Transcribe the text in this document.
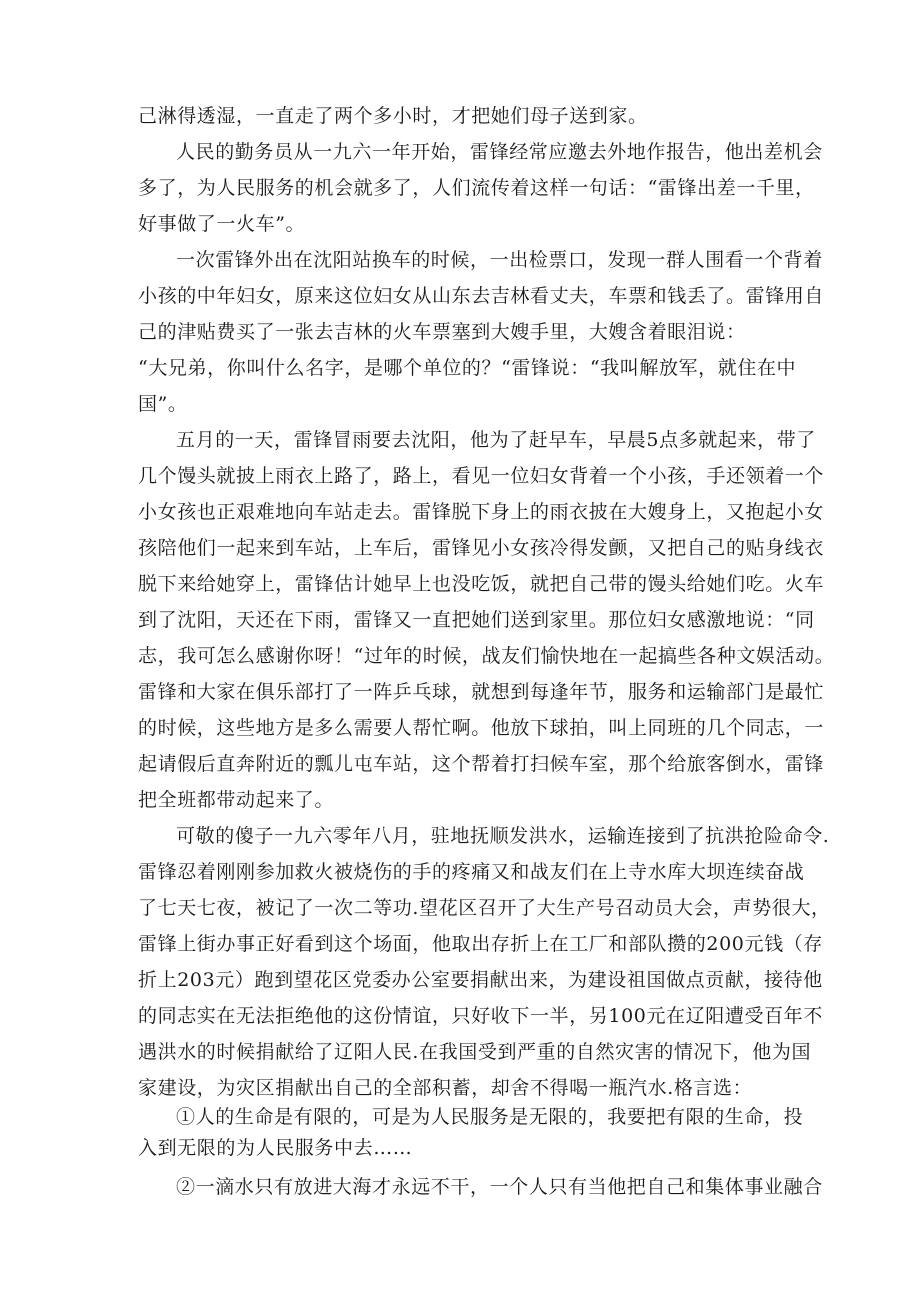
己淋得透湿，一直走了两个多小时，才把她们母子送到家。
人民的勤务员从一九六一年开始，雷锋经常应邀去外地作报告，他出差机会
多了，为人民服务的机会就多了，人们流传着这样一句话：“雷锋出差一千里，
好事做了一火车”。
一次雷锋外出在沈阳站换车的时候，一出检票口，发现一群人围看一个背着
小孩的中年妇女，原来这位妇女从山东去吉林看丈夫，车票和钱丢了。雷锋用自
己的津贴费买了一张去吉林的火车票塞到大嫂手里，大嫂含着眼泪说：
“大兄弟，你叫什么名字，是哪个单位的？“雷锋说：“我叫解放军，就住在中
国”。
五月的一天，雷锋冒雨要去沈阳，他为了赶早车，早晨5点多就起来，带了
几个馒头就披上雨衣上路了，路上，看见一位妇女背着一个小孩，手还领着一个
小女孩也正艰难地向车站走去。雷锋脱下身上的雨衣披在大嫂身上，又抱起小女
孩陪他们一起来到车站，上车后，雷锋见小女孩冷得发颤，又把自己的贴身线衣
脱下来给她穿上，雷锋估计她早上也没吃饭，就把自己带的馒头给她们吃。火车
到了沈阳，天还在下雨，雷锋又一直把她们送到家里。那位妇女感激地说：“同
志，我可怎么感谢你呀！“过年的时候，战友们愉快地在一起搞些各种文娱活动。
雷锋和大家在俱乐部打了一阵乒乓球，就想到每逢年节，服务和运输部门是最忙
的时候，这些地方是多么需要人帮忙啊。他放下球拍，叫上同班的几个同志，一
起请假后直奔附近的瓢儿屯车站，这个帮着打扫候车室，那个给旅客倒水，雷锋
把全班都带动起来了。
可敬的傻子一九六零年八月，驻地抚顺发洪水，运输连接到了抗洪抢险命令.
雷锋忍着刚刚参加救火被烧伤的手的疼痛又和战友们在上寺水库大坝连续奋战
了七天七夜，被记了一次二等功.望花区召开了大生产号召动员大会，声势很大，
雷锋上街办事正好看到这个场面，他取出存折上在工厂和部队攒的200元钱（存
折上203元）跑到望花区党委办公室要捐献出来，为建设祖国做点贡献，接待他
的同志实在无法拒绝他的这份情谊，只好收下一半，另100元在辽阳遭受百年不
遇洪水的时候捐献给了辽阳人民.在我国受到严重的自然灾害的情况下，他为国
家建设，为灾区捐献出自己的全部积蓄，却舍不得喝一瓶汽水.格言选：
①人的生命是有限的，可是为人民服务是无限的，我要把有限的生命，投
入到无限的为人民服务中去……
②一滴水只有放进大海才永远不干，一个人只有当他把自己和集体事业融合
